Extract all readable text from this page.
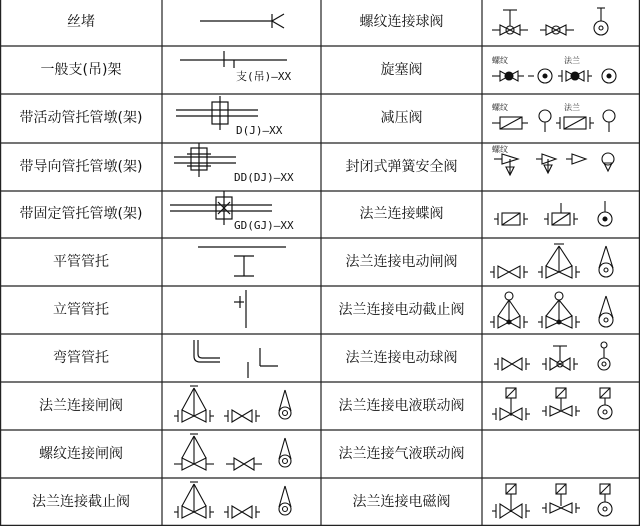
丝堵
一般支(吊)架
带活动管托管墩(架)
带导向管托管墩(架)
带固定管托管墩(架)
平管管托
立管管托
弯管管托
法兰连接闸阀
螺纹连接闸阀
法兰连接截止阀
螺纹连接球阀
旋塞阀
减压阀
封闭式弹簧安全阀
法兰连接蝶阀
法兰连接电动闸阀
法兰连接电动截止阀
法兰连接电动球阀
法兰连接电液联动阀
法兰连接气液联动阀
法兰连接电磁阀
支(吊)—XX
D(J)—XX
DD(DJ)—XX
GD(GJ)—XX
螺纹	法兰
螺纹	法兰
螺纹
